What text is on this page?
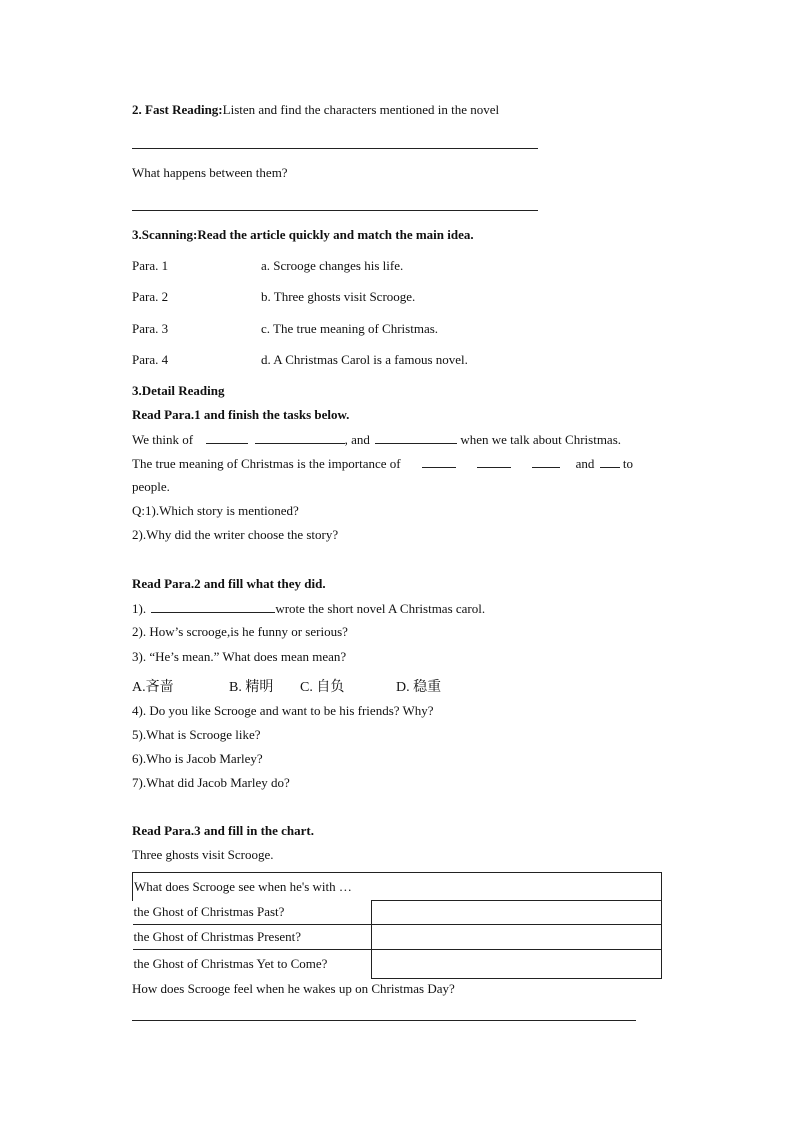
2. Fast Reading:Listen and find the characters mentioned in the novel
What happens between them?
3.Scanning:Read the article quickly and match the main idea.
Para. 1	a. Scrooge changes his life.
Para. 2	b. Three ghosts visit Scrooge.
Para. 3	c. The true meaning of Christmas.
Para. 4	d. A Christmas Carol is a famous novel.
3.Detail Reading
Read Para.1 and finish the tasks below.
We think of	, and	when we talk about Christmas.
The true meaning of Christmas is the importance of	and to
people.
Q:1).Which story is mentioned?
2).Why did the writer choose the story?
Read Para.2 and fill what they did.
1).	wrote the short novel A Christmas carol.
2). How’s scrooge,is he funny or serious?
3). “He’s mean.” What does mean mean?
A.吝啬	B. 精明 C. 自负	D. 稳重
4). Do you like Scrooge and want to be his friends? Why?
5).What is Scrooge like?
6).Who is Jacob Marley?
7).What did Jacob Marley do?
Read Para.3 and fill in the chart.
Three ghosts visit Scrooge.
What does Scrooge see when he's with …	
the Ghost of Christmas Past?	
the Ghost of Christmas Present?	
the Ghost of Christmas Yet to Come?	
How does Scrooge feel when he wakes up on Christmas Day?
